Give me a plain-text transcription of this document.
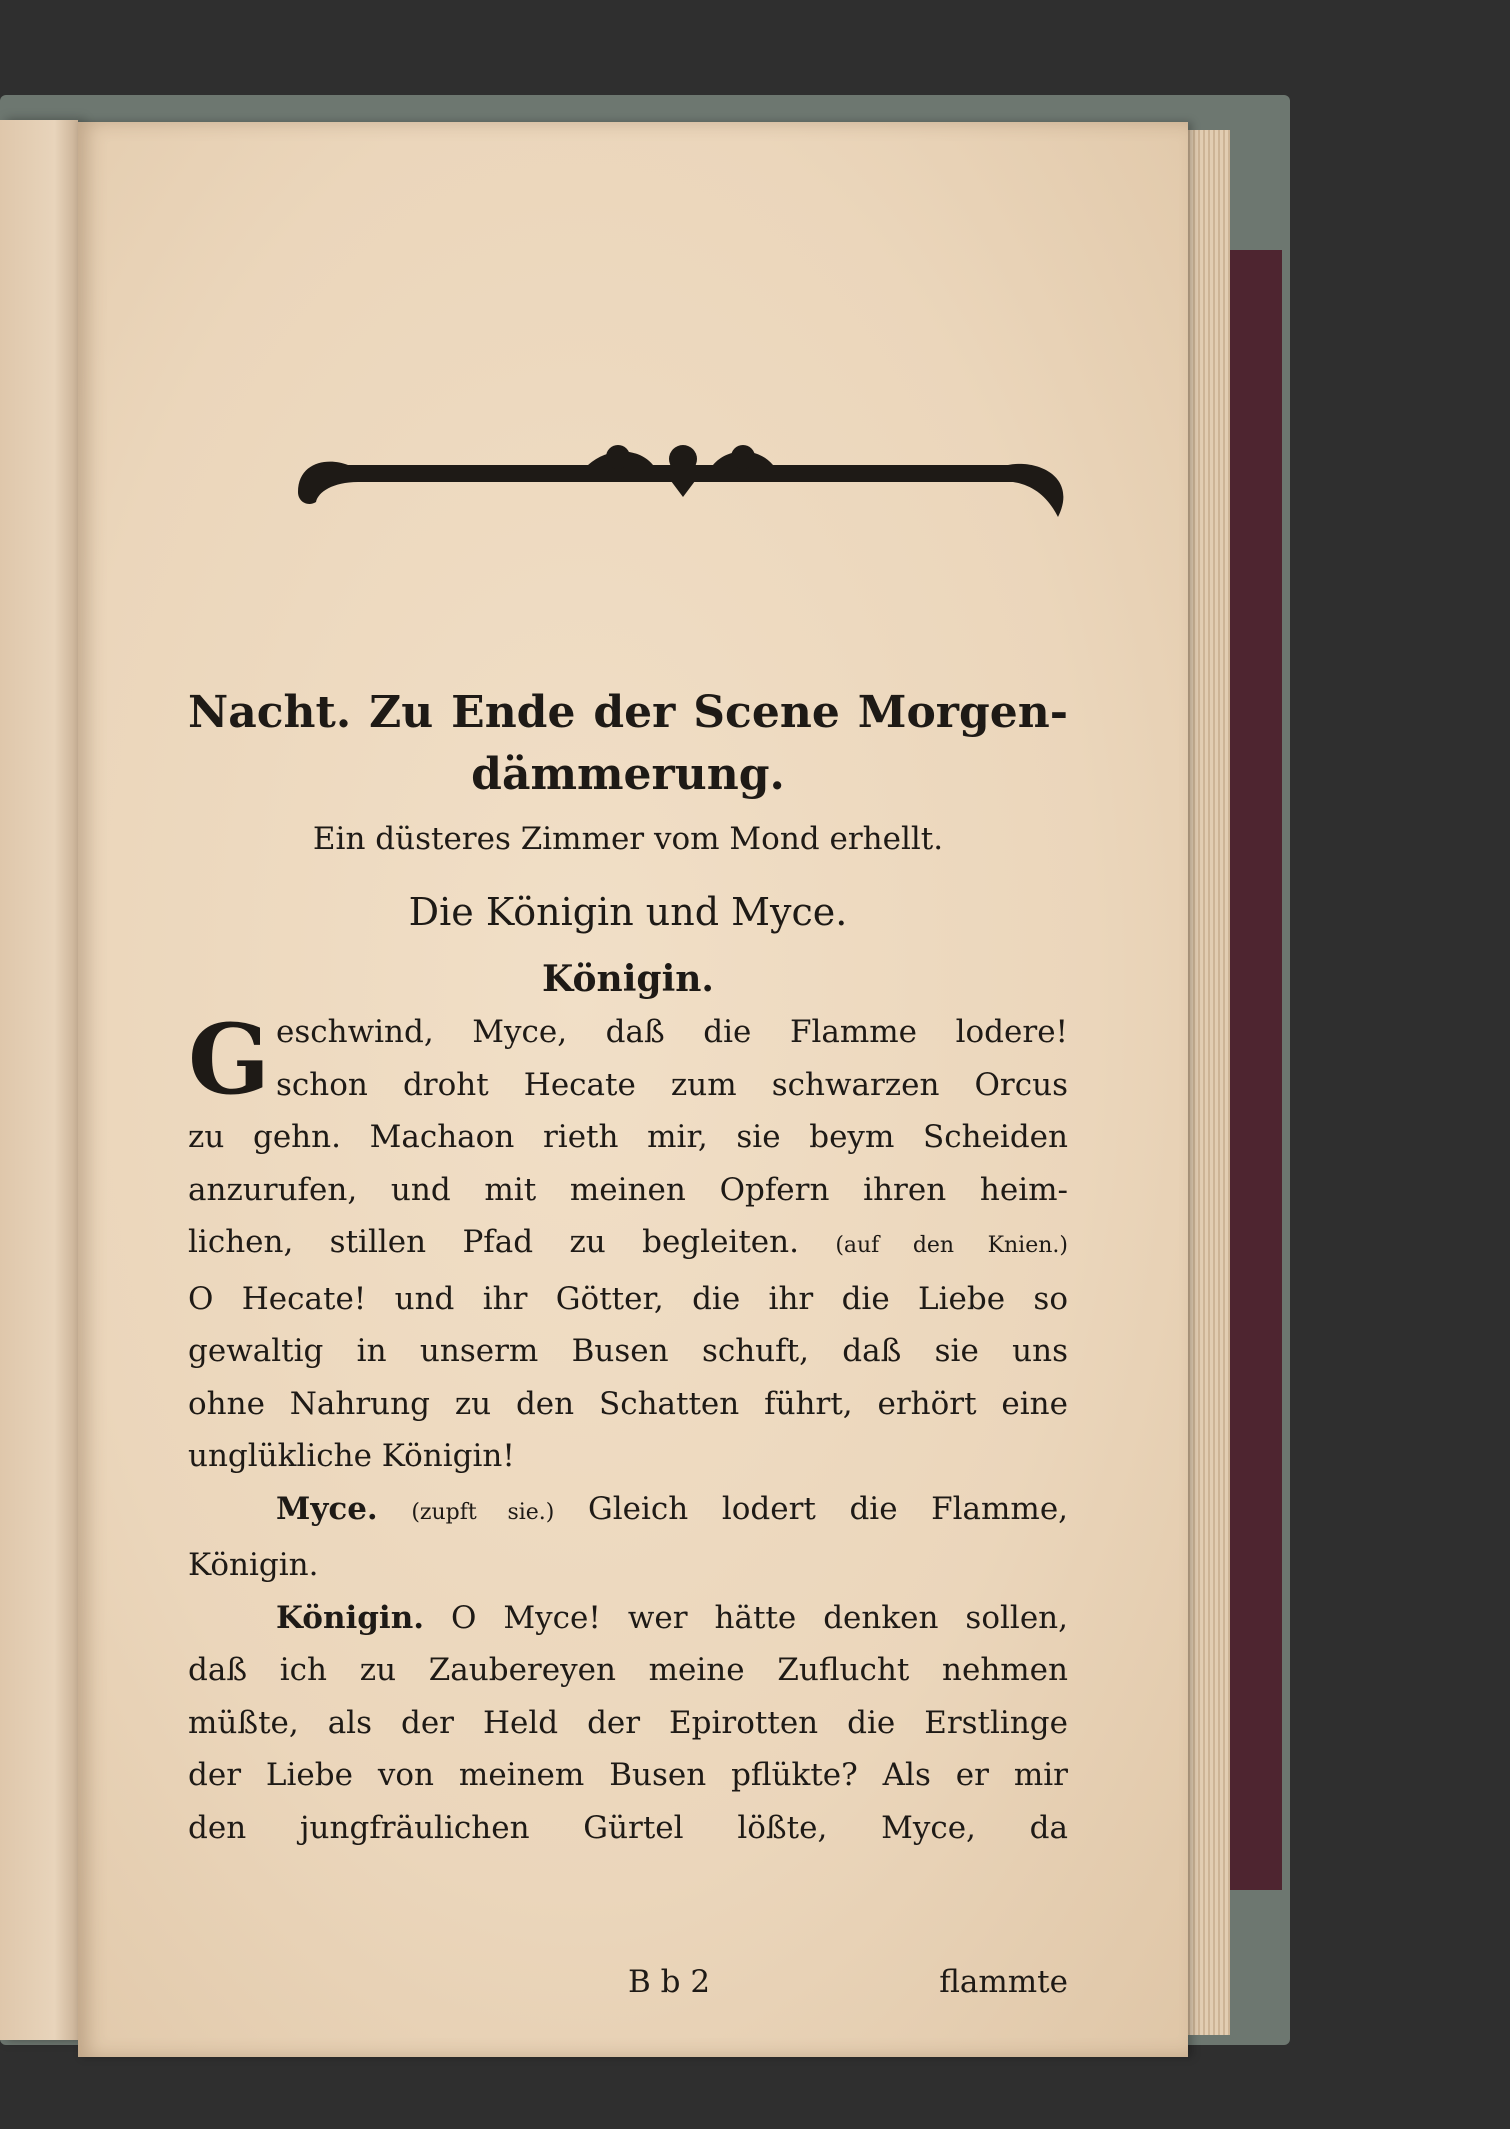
Nacht. Zu Ende der Scene Morgen-
dämmerung.
Ein düsteres Zimmer vom Mond erhellt.
Die Königin und Myce.
Königin.
G eschwind, Myce, daß die Flamme lodere!
schon droht Hecate zum schwarzen Orcus
zu gehn. Machaon rieth mir, sie beym Scheiden
anzurufen, und mit meinen Opfern ihren heim-
lichen, stillen Pfad zu begleiten. (auf den Knien.)
O Hecate! und ihr Götter, die ihr die Liebe so
gewaltig in unserm Busen schuft, daß sie uns
ohne Nahrung zu den Schatten führt, erhört eine
unglükliche Königin!
Myce. (zupft sie.) Gleich lodert die Flamme,
Königin.
Königin. O Myce! wer hätte denken sollen,
daß ich zu Zaubereyen meine Zuflucht nehmen
müßte, als der Held der Epirotten die Erstlinge
der Liebe von meinem Busen pflükte? Als er mir
den jungfräulichen Gürtel lößte, Myce, da
B b 2	flammte
